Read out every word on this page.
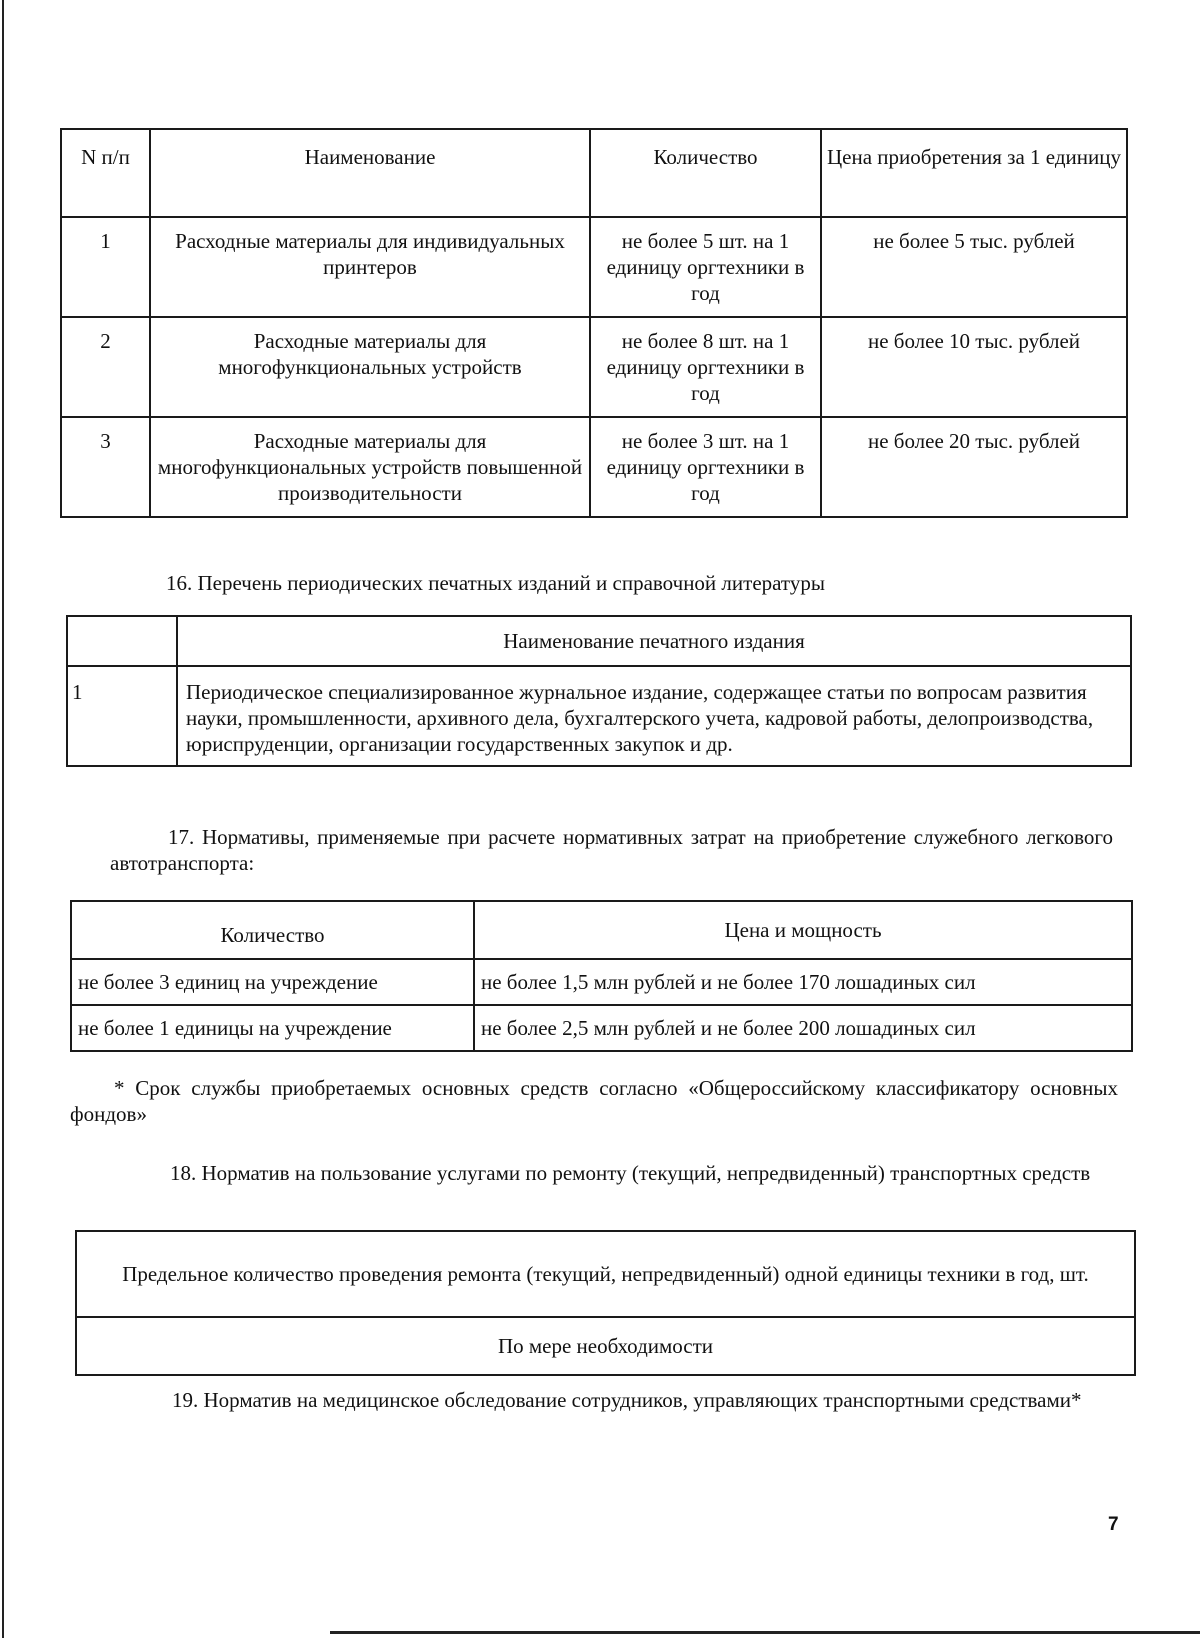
N п/п	Наименование	Количество	Цена приобретения за 1 единицу
1	Расходные материалы для индивидуальных принтеров	не более 5 шт. на 1 единицу оргтехники в год	не более 5 тыс. рублей
2	Расходные материалы для многофункциональных устройств	не более 8 шт. на 1 единицу оргтехники в год	не более 10 тыс. рублей
3	Расходные материалы для многофункциональных устройств повышенной производительности	не более 3 шт. на 1 единицу оргтехники в год	не более 20 тыс. рублей
16. Перечень периодических печатных изданий и справочной литературы
	Наименование печатного издания
1	Периодическое специализированное журнальное издание, содержащее статьи по вопросам развития науки, промышленности, архивного дела, бухгалтерского учета, кадровой работы, делопроизводства, юриспруденции, организации государственных закупок и др.
17. Нормативы, применяемые при расчете нормативных затрат на приобретение служебного легкового автотранспорта:
Количество	Цена и мощность
не более 3 единиц на учреждение	не более 1,5 млн рублей и не более 170 лошадиных сил
не более 1 единицы на учреждение	не более 2,5 млн рублей и не более 200 лошадиных сил
* Срок службы приобретаемых основных средств согласно «Общероссийскому классификатору основных фондов»
18. Норматив на пользование услугами по ремонту (текущий, непредвиденный) транспортных средств
Предельное количество проведения ремонта (текущий, непредвиденный) одной единицы техники в год, шт.
По мере необходимости
19. Норматив на медицинское обследование сотрудников, управляющих транспортными средствами*
7
